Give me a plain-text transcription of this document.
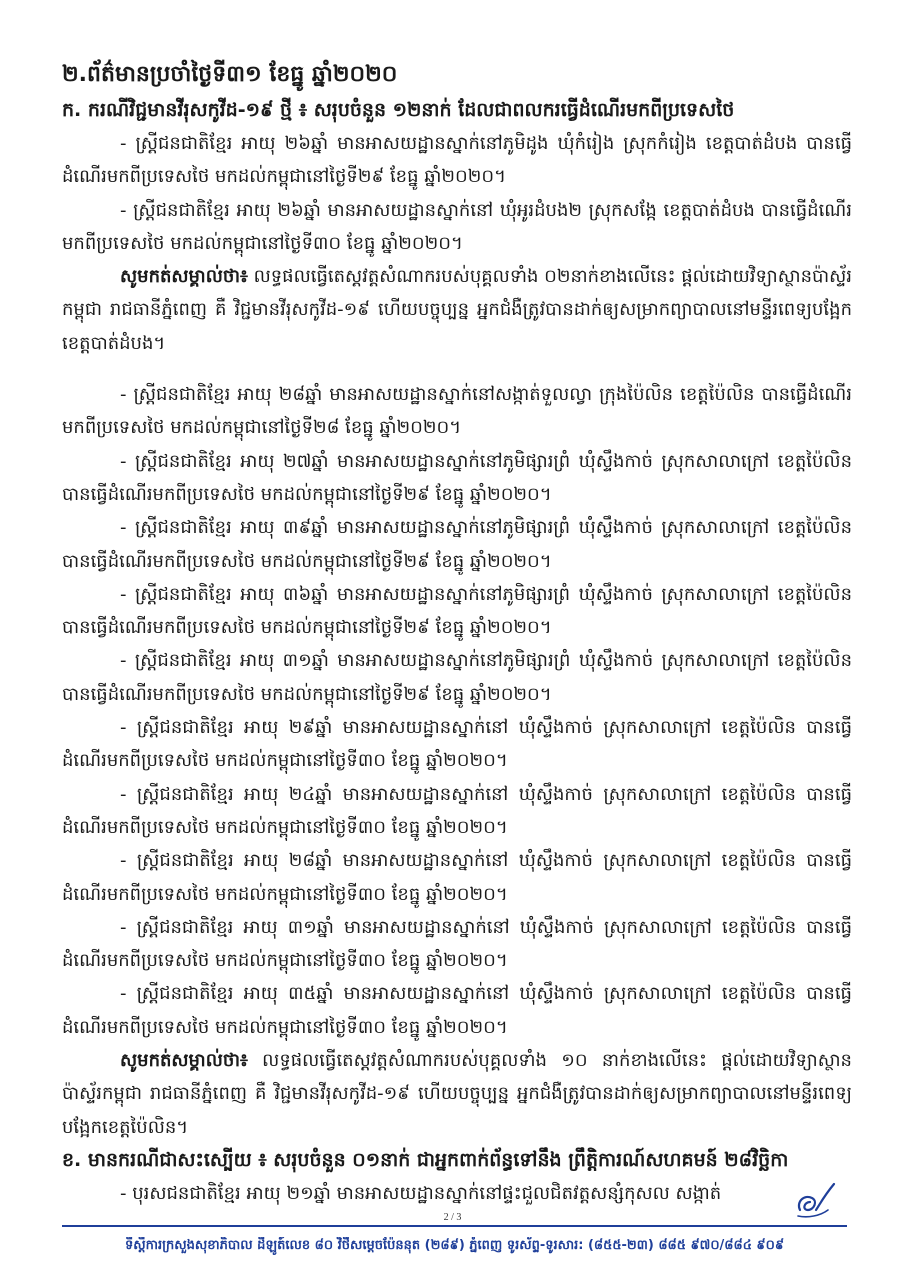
២.ព័ត៌មានប្រចាំថ្ងៃទី៣១ ខែធ្នូ ឆ្នាំ២០២០
ក. ករណីវិជ្ជមានវីរុសកូវីដ-១៩ ថ្មី ៖ សរុបចំនួន ១២នាក់ ដែលជាពលករធ្វើដំណើរមកពីប្រទេសថៃ

- ស្ត្រីជនជាតិខ្មែរ អាយុ ២៦ឆ្នាំ មានអាសយដ្ឋានស្នាក់នៅភូមិដូង ឃុំកំរៀង ស្រុកកំរៀង ខេត្តបាត់ដំបង បានធ្វើដំណើរមកពីប្រទេសថៃ មកដល់កម្ពុជានៅថ្ងៃទី២៩ ខែធ្នូ ឆ្នាំ២០២០។

- ស្ត្រីជនជាតិខ្មែរ អាយុ ២៦ឆ្នាំ មានអាសយដ្ឋានស្នាក់នៅ ឃុំអូរដំបង២ ស្រុកសង្កែ ខេត្តបាត់ដំបង បានធ្វើដំណើរមកពីប្រទេសថៃ មកដល់កម្ពុជានៅថ្ងៃទី៣០ ខែធ្នូ ឆ្នាំ២០២០។

សូមកត់សម្គាល់ថា៖ លទ្ធផលធ្វើតេស្តវត្តសំណាករបស់បុគ្គលទាំង ០២នាក់ខាងលើនេះ ផ្តល់ដោយវិទ្យាស្ថានប៉ាស្ទ័រកម្ពុជា រាជធានីភ្នំពេញ គឺ វិជ្ជមានវីរុសកូវីដ-១៩ ហើយបច្ចុប្បន្ន អ្នកជំងឺត្រូវបានដាក់ឲ្យសម្រាកព្យាបាលនៅមន្ទីរពេទ្យបង្អែកខេត្តបាត់ដំបង។

- ស្ត្រីជនជាតិខ្មែរ អាយុ ២៨ឆ្នាំ មានអាសយដ្ឋានស្នាក់នៅសង្កាត់ទួលល្វា ក្រុងប៉ៃលិន ខេត្តប៉ៃលិន បានធ្វើដំណើរមកពីប្រទេសថៃ មកដល់កម្ពុជានៅថ្ងៃទី២៨ ខែធ្នូ ឆ្នាំ២០២០។

- ស្ត្រីជនជាតិខ្មែរ អាយុ ២៧ឆ្នាំ មានអាសយដ្ឋានស្នាក់នៅភូមិផ្សារព្រំ ឃុំស្ទឹងកាច់ ស្រុកសាលាក្រៅ ខេត្តប៉ៃលិន បានធ្វើដំណើរមកពីប្រទេសថៃ មកដល់កម្ពុជានៅថ្ងៃទី២៩ ខែធ្នូ ឆ្នាំ២០២០។

- ស្ត្រីជនជាតិខ្មែរ អាយុ ៣៩ឆ្នាំ មានអាសយដ្ឋានស្នាក់នៅភូមិផ្សារព្រំ ឃុំស្ទឹងកាច់ ស្រុកសាលាក្រៅ ខេត្តប៉ៃលិន បានធ្វើដំណើរមកពីប្រទេសថៃ មកដល់កម្ពុជានៅថ្ងៃទី២៩ ខែធ្នូ ឆ្នាំ២០២០។

- ស្ត្រីជនជាតិខ្មែរ អាយុ ៣៦ឆ្នាំ មានអាសយដ្ឋានស្នាក់នៅភូមិផ្សារព្រំ ឃុំស្ទឹងកាច់ ស្រុកសាលាក្រៅ ខេត្តប៉ៃលិន បានធ្វើដំណើរមកពីប្រទេសថៃ មកដល់កម្ពុជានៅថ្ងៃទី២៩ ខែធ្នូ ឆ្នាំ២០២០។

- ស្ត្រីជនជាតិខ្មែរ អាយុ ៣១ឆ្នាំ មានអាសយដ្ឋានស្នាក់នៅភូមិផ្សារព្រំ ឃុំស្ទឹងកាច់ ស្រុកសាលាក្រៅ ខេត្តប៉ៃលិន បានធ្វើដំណើរមកពីប្រទេសថៃ មកដល់កម្ពុជានៅថ្ងៃទី២៩ ខែធ្នូ ឆ្នាំ២០២០។

- ស្ត្រីជនជាតិខ្មែរ អាយុ ២៩ឆ្នាំ មានអាសយដ្ឋានស្នាក់នៅ ឃុំស្ទឹងកាច់ ស្រុកសាលាក្រៅ ខេត្តប៉ៃលិន បានធ្វើដំណើរមកពីប្រទេសថៃ មកដល់កម្ពុជានៅថ្ងៃទី៣០ ខែធ្នូ ឆ្នាំ២០២០។

- ស្ត្រីជនជាតិខ្មែរ អាយុ ២៤ឆ្នាំ មានអាសយដ្ឋានស្នាក់នៅ ឃុំស្ទឹងកាច់ ស្រុកសាលាក្រៅ ខេត្តប៉ៃលិន បានធ្វើដំណើរមកពីប្រទេសថៃ មកដល់កម្ពុជានៅថ្ងៃទី៣០ ខែធ្នូ ឆ្នាំ២០២០។

- ស្ត្រីជនជាតិខ្មែរ អាយុ ២៨ឆ្នាំ មានអាសយដ្ឋានស្នាក់នៅ ឃុំស្ទឹងកាច់ ស្រុកសាលាក្រៅ ខេត្តប៉ៃលិន បានធ្វើដំណើរមកពីប្រទេសថៃ មកដល់កម្ពុជានៅថ្ងៃទី៣០ ខែធ្នូ ឆ្នាំ២០២០។

- ស្ត្រីជនជាតិខ្មែរ អាយុ ៣១ឆ្នាំ មានអាសយដ្ឋានស្នាក់នៅ ឃុំស្ទឹងកាច់ ស្រុកសាលាក្រៅ ខេត្តប៉ៃលិន បានធ្វើដំណើរមកពីប្រទេសថៃ មកដល់កម្ពុជានៅថ្ងៃទី៣០ ខែធ្នូ ឆ្នាំ២០២០។

- ស្ត្រីជនជាតិខ្មែរ អាយុ ៣៥ឆ្នាំ មានអាសយដ្ឋានស្នាក់នៅ ឃុំស្ទឹងកាច់ ស្រុកសាលាក្រៅ ខេត្តប៉ៃលិន បានធ្វើដំណើរមកពីប្រទេសថៃ មកដល់កម្ពុជានៅថ្ងៃទី៣០ ខែធ្នូ ឆ្នាំ២០២០។

សូមកត់សម្គាល់ថា៖ លទ្ធផលធ្វើតេស្តវត្តសំណាករបស់បុគ្គលទាំង ១០ នាក់ខាងលើនេះ ផ្តល់ដោយវិទ្យាស្ថានប៉ាស្ទ័រកម្ពុជា រាជធានីភ្នំពេញ គឺ វិជ្ជមានវីរុសកូវីដ-១៩ ហើយបច្ចុប្បន្ន អ្នកជំងឺត្រូវបានដាក់ឲ្យសម្រាកព្យាបាលនៅមន្ទីរពេទ្យបង្អែកខេត្តប៉ៃលិន។

ខ. មានករណីជាសះស្បើយ ៖ សរុបចំនួន ០១នាក់ ជាអ្នកពាក់ព័ន្ធទៅនឹង ព្រឹត្តិការណ៍សហគមន៍ ២៨វិច្ឆិកា

- បុរសជនជាតិខ្មែរ អាយុ ២១ឆ្នាំ មានអាសយដ្ឋានស្នាក់នៅផ្ទះជួលជិតវត្តសន្សំកុសល សង្កាត់

2 / 3
ទីស្តីការក្រសួងសុខាភិបាល ដីឡូត៍លេខ ៨០ វិថីសម្ដេចប៉ែននុត (២៨៩) ភ្នំពេញ ទូរស័ព្ទ-ទូរសារ: (៨៥៥-២៣) ៨៨៥ ៩៧០/៨៨៤ ៩០៩
